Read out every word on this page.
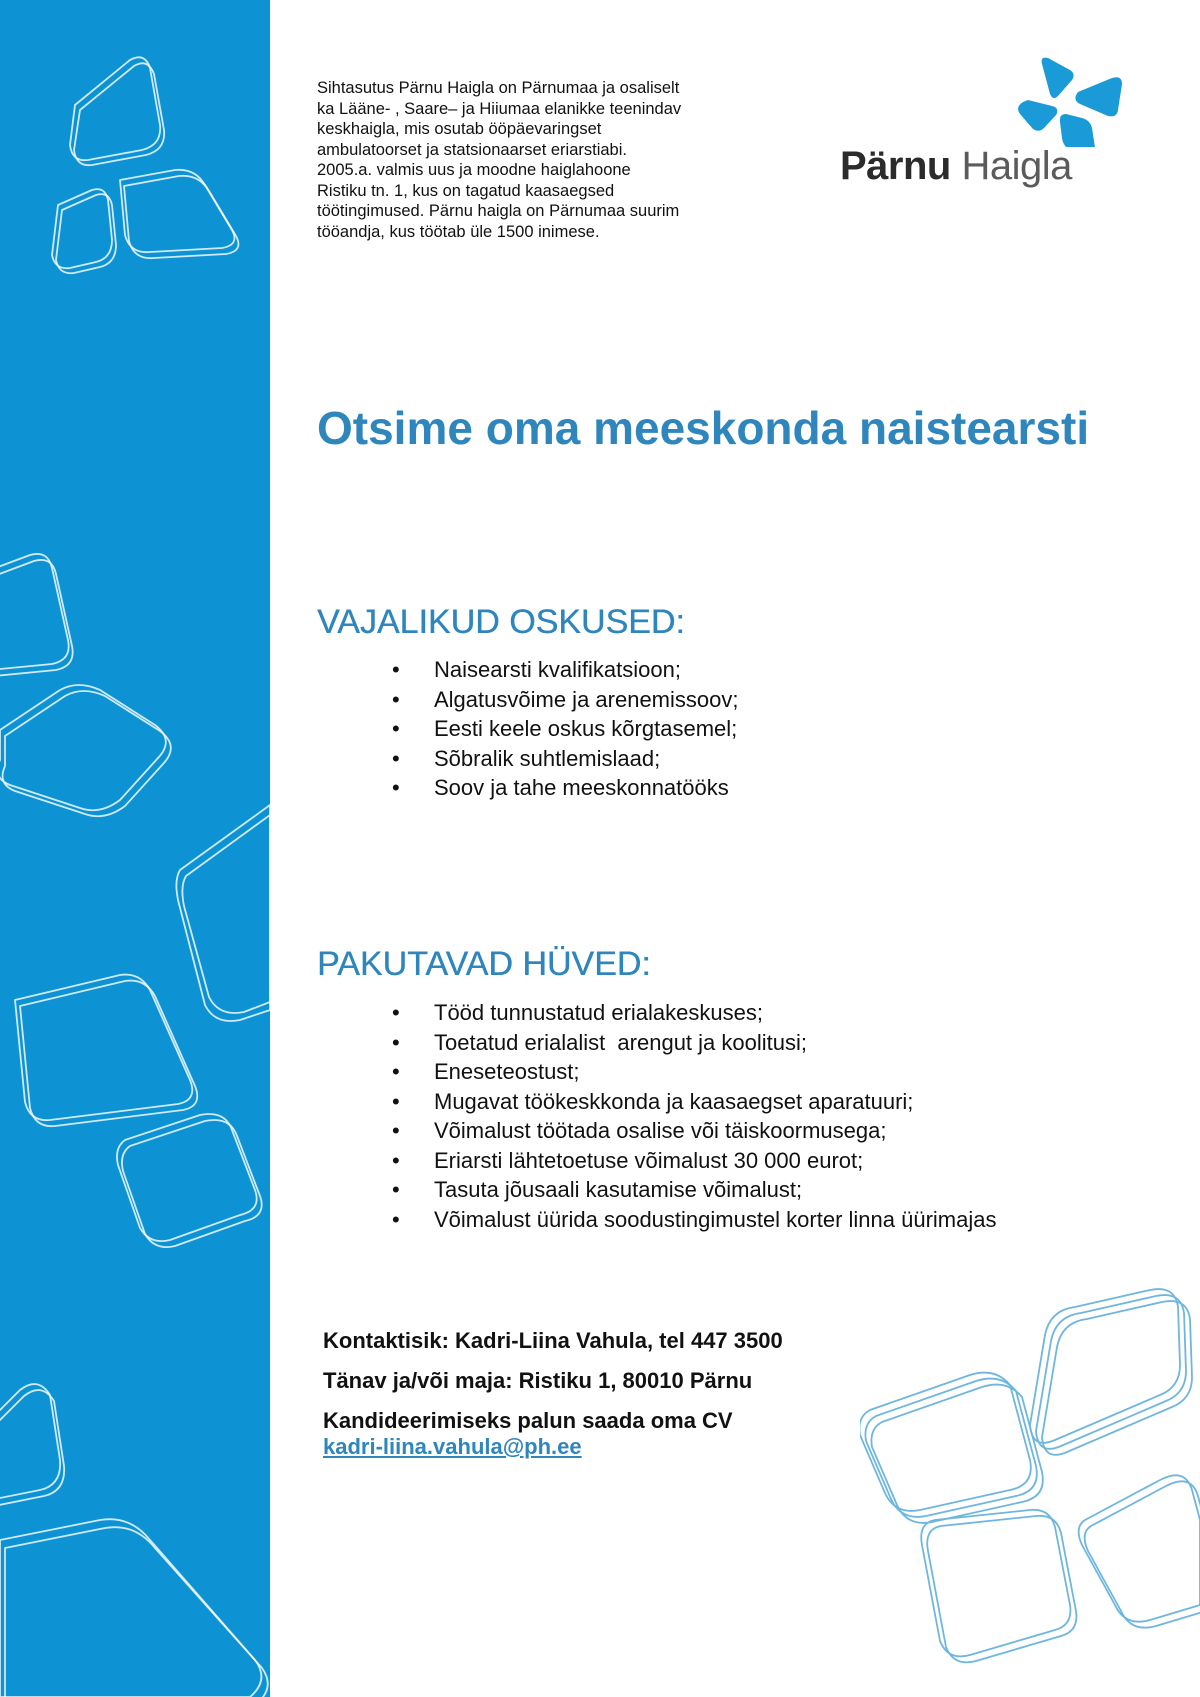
Sihtasutus Pärnu Haigla on Pärnumaa ja osaliselt

ka Lääne- , Saare– ja Hiiumaa elanikke teenindav

keskhaigla, mis osutab ööpäevaringset

ambulatoorset ja statsionaarset eriarstiabi.

2005.a. valmis uus ja moodne haiglahoone

Ristiku tn. 1, kus on tagatud kaasaegsed

töötingimused. Pärnu haigla on Pärnumaa suurim

tööandja, kus töötab üle 1500 inimese.

Pärnu Haigla
Otsime oma meeskonda naistearsti
VAJALIKUD OSKUSED:
• Naisearsti kvalifikatsioon;
• Algatusvõime ja arenemissoov;
• Eesti keele oskus kõrgtasemel;
• Sõbralik suhtlemislaad;
• Soov ja tahe meeskonnatööks
PAKUTAVAD HÜVED:
• Tööd tunnustatud erialakeskuses;
• Toetatud erialalist  arengut ja koolitusi;
• Eneseteostust;
• Mugavat töökeskkonda ja kaasaegset aparatuuri;
• Võimalust töötada osalise või täiskoormusega;
• Eriarsti lähtetoetuse võimalust 30 000 eurot;
• Tasuta jõusaali kasutamise võimalust;
• Võimalust üürida soodustingimustel korter linna üürimajas
Kontaktisik: Kadri-Liina Vahula, tel 447 3500
Tänav ja/või maja: Ristiku 1, 80010 Pärnu
Kandideerimiseks palun saada oma CV
kadri-liina.vahula@ph.ee
